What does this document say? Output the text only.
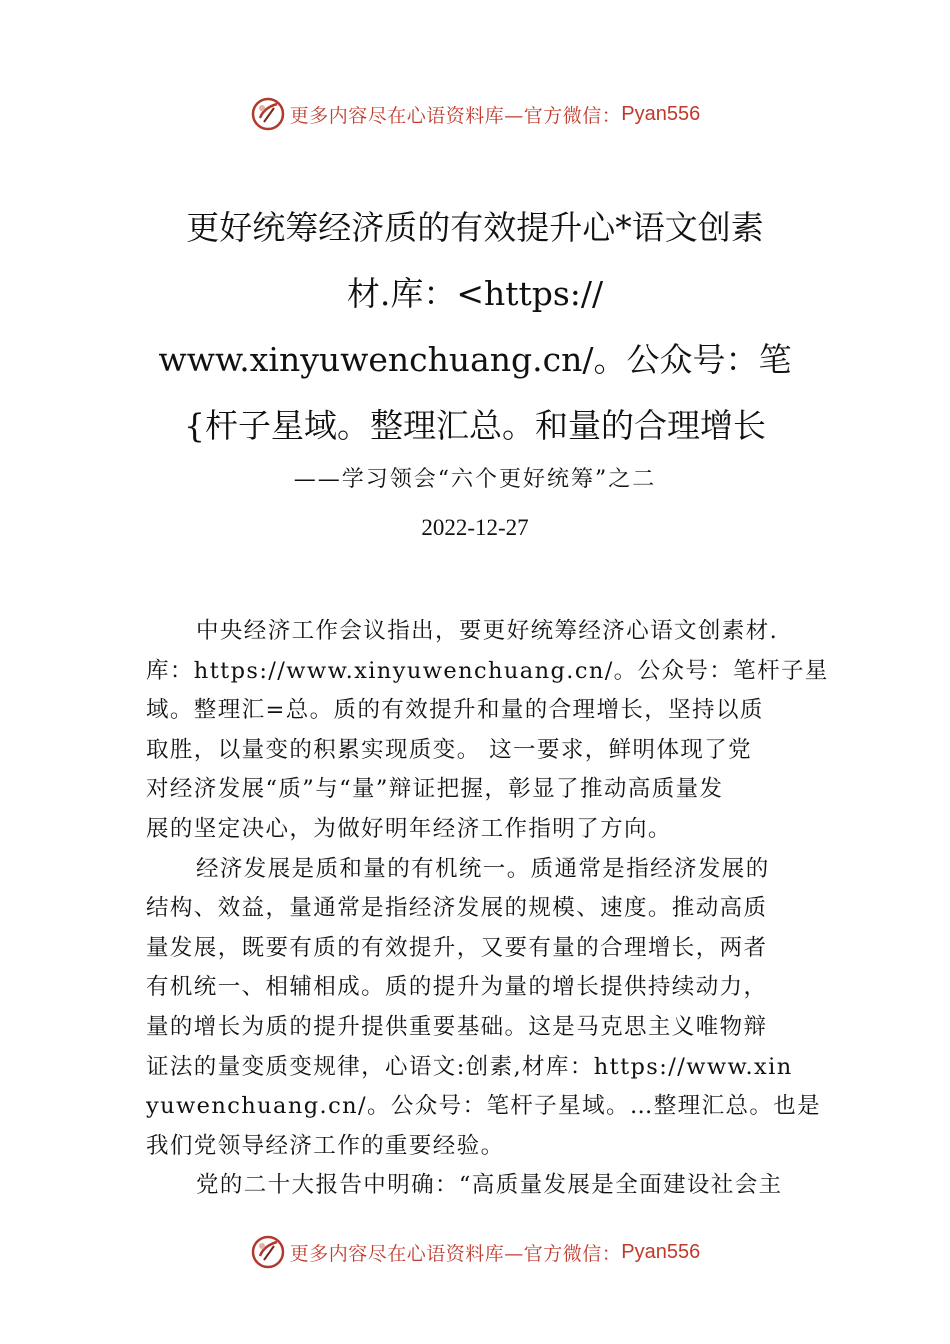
更多内容尽在心语资料库—官方微信： Pyan556
更好统筹经济质的有效提升心*语文创素
材.库：<https://
www.xinyuwenchuang.cn/。公众号：笔
{杆子星域。整理汇总。和量的合理增长
——学习领会“六个更好统筹”之二
2022-12-27
中央经济工作会议指出，要更好统筹经济心语文创素材.
库：https://www.xinyuwenchuang.cn/。公众号：笔杆子星
域。整理汇=总。质的有效提升和量的合理增长，坚持以质
取胜，以量变的积累实现质变。 这一要求，鲜明体现了党
对经济发展“质”与“量”辩证把握，彰显了推动高质量发
展的坚定决心，为做好明年经济工作指明了方向。
经济发展是质和量的有机统一。质通常是指经济发展的
结构、效益，量通常是指经济发展的规模、速度。推动高质
量发展，既要有质的有效提升，又要有量的合理增长，两者
有机统一、相辅相成。质的提升为量的增长提供持续动力，
量的增长为质的提升提供重要基础。这是马克思主义唯物辩
证法的量变质变规律，心语文:创素,材库：https://www.xin
yuwenchuang.cn/。公众号：笔杆子星域。…整理汇总。也是
我们党领导经济工作的重要经验。
党的二十大报告中明确：“高质量发展是全面建设社会主
更多内容尽在心语资料库—官方微信： Pyan556
